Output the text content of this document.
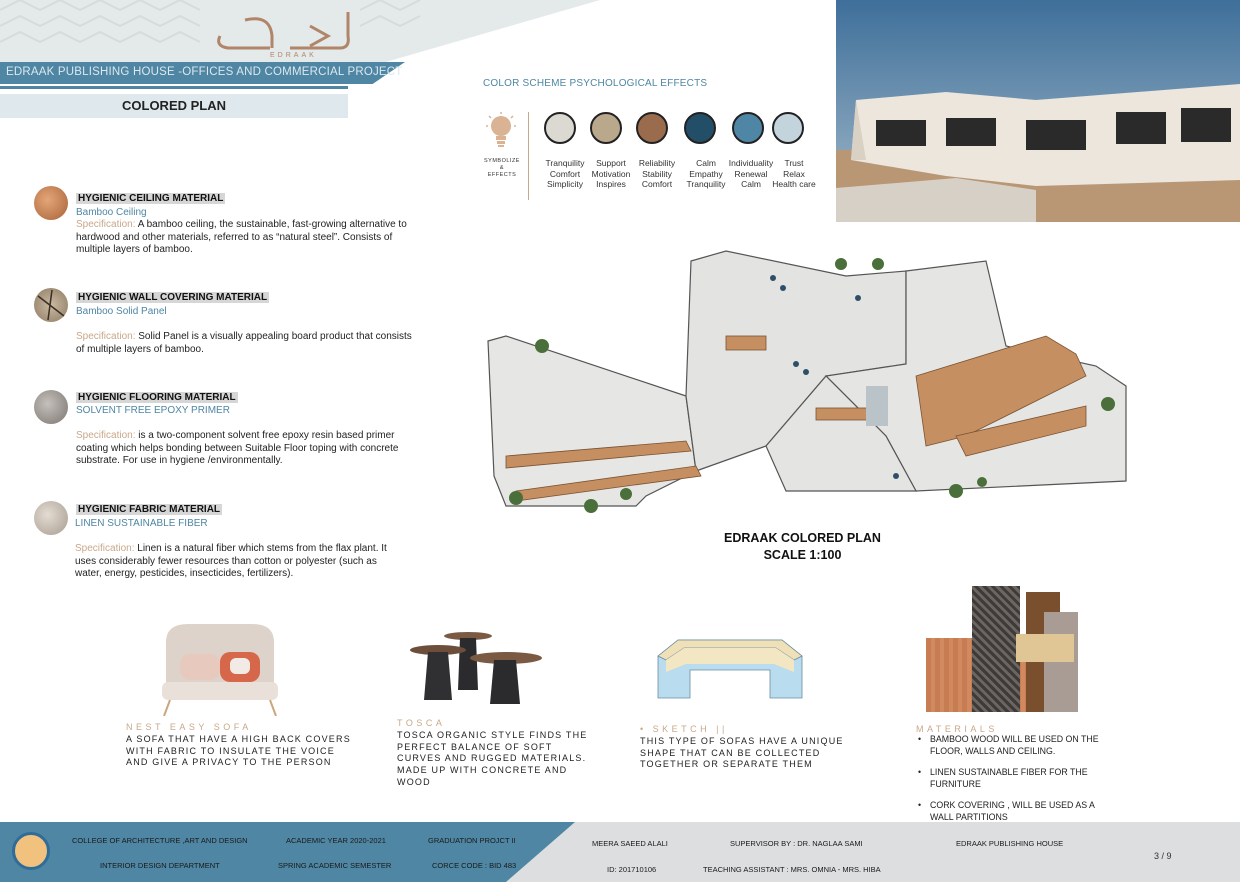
EDRAAK
EDRAAK PUBLISHING HOUSE -OFFICES AND COMMERCIAL PROJECT
COLORED PLAN
HYGIENIC CEILING MATERIAL
Bamboo Ceiling
Specification: A bamboo ceiling, the sustainable, fast-growing alternative to hardwood and other materials, referred to as “natural steel”. Consists of multiple layers of bamboo.
HYGIENIC WALL COVERING MATERIAL
Bamboo Solid Panel
Specification: Solid Panel is a visually appealing board product that consists of multiple layers of bamboo.
HYGIENIC FLOORING MATERIAL
SOLVENT FREE EPOXY PRIMER
Specification: is a two-component solvent free epoxy resin based primer coating which helps bonding between Suitable Floor toping with concrete substrate. For use in hygiene /environmentally.
HYGIENIC FABRIC MATERIAL
LINEN SUSTAINABLE FIBER
Specification: Linen is a natural fiber which stems from the flax plant. It uses considerably fewer resources than cotton or polyester (such as water, energy, pesticides, insecticides, fertilizers).
COLOR SCHEME PSYCHOLOGICAL EFFECTS
SYMBOLIZE
&
EFFECTS
Tranquility
Comfort
Simplicity
Support
Motivation
Inspires
Reliability
Stability
Comfort
Calm
Empathy
Tranquility
Individuality
Renewal
Calm
Trust
Relax
Health care
EDRAAK COLORED PLAN
SCALE 1:100
NEST EASY SOFA
A SOFA THAT HAVE A HIGH BACK COVERS WITH FABRIC TO INSULATE THE VOICE AND GIVE A PRIVACY TO THE PERSON
TOSCA
TOSCA ORGANIC STYLE FINDS THE PERFECT BALANCE OF SOFT CURVES AND RUGGED MATERIALS. MADE UP WITH CONCRETE AND WOOD
• SKETCH ||
THIS TYPE OF SOFAS HAVE A UNIQUE SHAPE THAT CAN BE COLLECTED TOGETHER OR SEPARATE THEM
MATERIALS
• BAMBOO WOOD WILL BE USED ON THE FLOOR, WALLS AND CEILING.
• LINEN SUSTAINABLE FIBER FOR THE FURNITURE
• CORK COVERING , WILL BE USED AS A WALL PARTITIONS
COLLEGE OF ARCHITECTURE ,ART AND DESIGN
INTERIOR DESIGN DEPARTMENT
ACADEMIC YEAR 2020-2021
SPRING ACADEMIC SEMESTER
GRADUATION PROJCT II
CORCE CODE : BID 483
MEERA SAEED ALALI
ID: 201710106
SUPERVISOR BY : DR. NAGLAA SAMI
TEACHING ASSISTANT : MRS. OMNIA - MRS. HIBA
EDRAAK PUBLISHING HOUSE
3 / 9
